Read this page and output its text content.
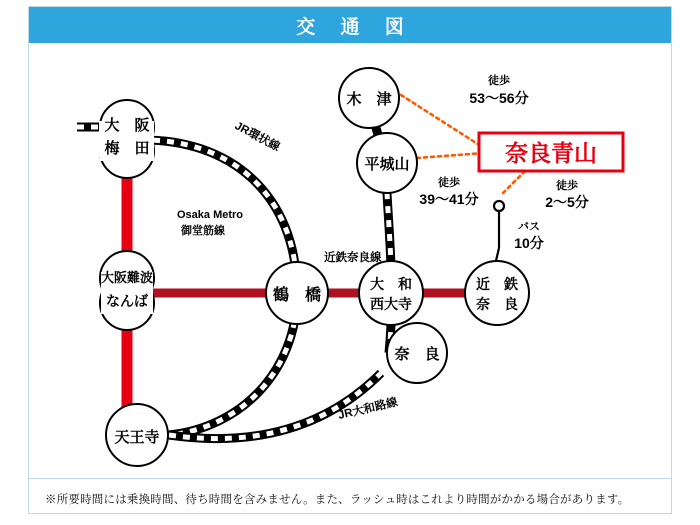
交 通 図
大　阪
梅　田
木　津
平城山
大阪難波
なんば	鶴　橋
大　和
西大寺
近　鉄
奈　良
奈　良
天王寺
奈良青山
JR環状線
Osaka Metro
御堂筋線
近鉄奈良線
JR大和路線
徒歩
53〜56分
徒歩
39〜41分
徒歩
2〜5分
バス
10分
※所要時間には乗換時間、待ち時間を含みません。また、ラッシュ時はこれより時間がかかる場合があります。
